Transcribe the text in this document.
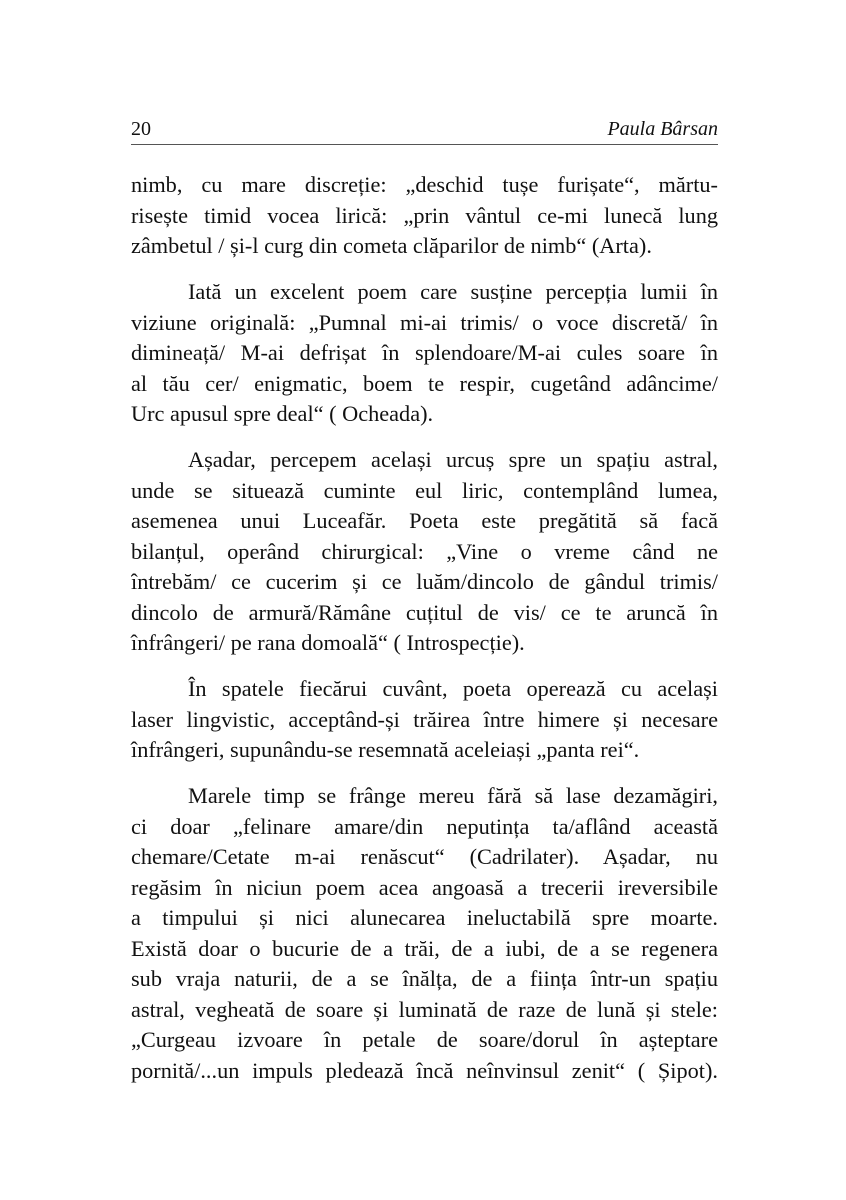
20	Paula Bârsan
nimb, cu mare discreție: „deschid tușe furișate“, mărtu-
risește timid vocea lirică: „prin vântul ce-mi lunecă lung
zâmbetul / și-l curg din cometa clăparilor de nimb“ (Arta).
Iată un excelent poem care susține percepția lumii în
viziune originală: „Pumnal mi-ai trimis/ o voce discretă/ în
dimineață/ M-ai defrișat în splendoare/M-ai cules soare în
al tău cer/ enigmatic, boem te respir, cugetând adâncime/
Urc apusul spre deal“ ( Ocheada).
Așadar, percepem același urcuș spre un spațiu astral,
unde se situează cuminte eul liric, contemplând lumea,
asemenea unui Luceafăr. Poeta este pregătită să facă
bilanțul, operând chirurgical: „Vine o vreme când ne
întrebăm/ ce cucerim și ce luăm/dincolo de gândul trimis/
dincolo de armură/Rămâne cuțitul de vis/ ce te aruncă în
înfrângeri/ pe rana domoală“ ( Introspecție).
În spatele fiecărui cuvânt, poeta operează cu același
laser lingvistic, acceptând-și trăirea între himere și necesare
înfrângeri, supunându-se resemnată aceleiași „panta rei“.
Marele timp se frânge mereu fără să lase dezamăgiri,
ci doar „felinare amare/din neputința ta/aflând această
chemare/Cetate m-ai renăscut“ (Cadrilater). Așadar, nu
regăsim în niciun poem acea angoasă a trecerii ireversibile
a timpului și nici alunecarea ineluctabilă spre moarte.
Există doar o bucurie de a trăi, de a iubi, de a se regenera
sub vraja naturii, de a se înălța, de a ființa într-un spațiu
astral, vegheată de soare și luminată de raze de lună și stele:
„Curgeau izvoare în petale de soare/dorul în așteptare
pornită/...un impuls pledează încă neînvinsul zenit“ ( Șipot).
